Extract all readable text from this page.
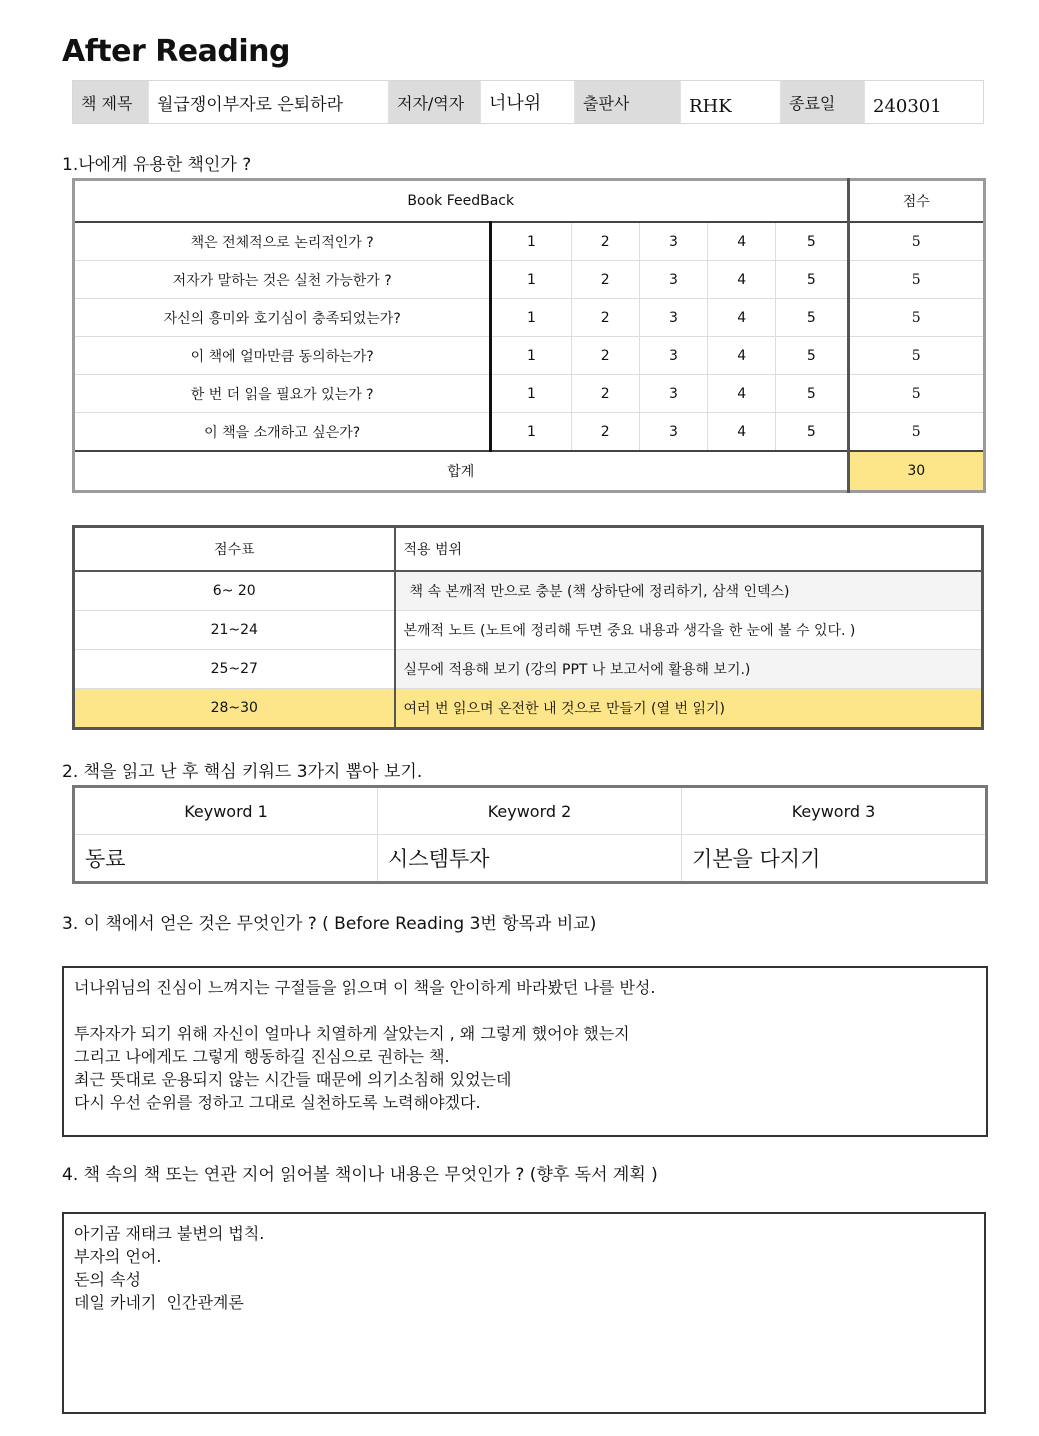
After Reading
책 제목	월급쟁이부자로 은퇴하라	저자/역자	너나위	출판사	RHK	종료일	240301
1.나에게 유용한 책인가 ?
Book FeedBack						점수
책은 전체적으로 논리적인가 ?	1	2	3	4	5	5
저자가 말하는 것은 실천 가능한가 ?	1	2	3	4	5	5
자신의 흥미와 호기심이 충족되었는가?	1	2	3	4	5	5
이 책에 얼마만큼 동의하는가?	1	2	3	4	5	5
한 번 더 읽을 필요가 있는가 ?	1	2	3	4	5	5
이 책을 소개하고 싶은가?	1	2	3	4	5	5
합계						30
점수표	적용 범위
6~ 20	책 속 본깨적 만으로 충분 (책 상하단에 정리하기, 삼색 인덱스)
21~24	본깨적 노트 (노트에 정리해 두면 중요 내용과 생각을 한 눈에 볼 수 있다. )
25~27	실무에 적용해 보기 (강의 PPT 나 보고서에 활용해 보기.)
28~30	여러 번 읽으며 온전한 내 것으로 만들기 (열 번 읽기)
2. 책을 읽고 난 후 핵심 키워드 3가지 뽑아 보기.
Keyword 1	Keyword 2	Keyword 3
동료	시스템투자	기본을 다지기
3. 이 책에서 얻은 것은 무엇인가 ? ( Before Reading 3번 항목과 비교)

너나위님의 진심이 느껴지는 구절들을 읽으며 이 책을 안이하게 바라봤던 나를 반성.

투자자가 되기 위해 자신이 얼마나 치열하게 살았는지 , 왜 그렇게 했어야 했는지

그리고 나에게도 그렇게 행동하길 진심으로 권하는 책.

최근 뜻대로 운용되지 않는 시간들 때문에 의기소침해 있었는데

다시 우선 순위를 정하고 그대로 실천하도록 노력해야겠다.

4. 책 속의 책 또는 연관 지어 읽어볼 책이나 내용은 무엇인가 ? (향후 독서 계획 )

아기곰 재태크 불변의 법칙.

부자의 언어.

돈의 속성

데일 카네기  인간관계론
